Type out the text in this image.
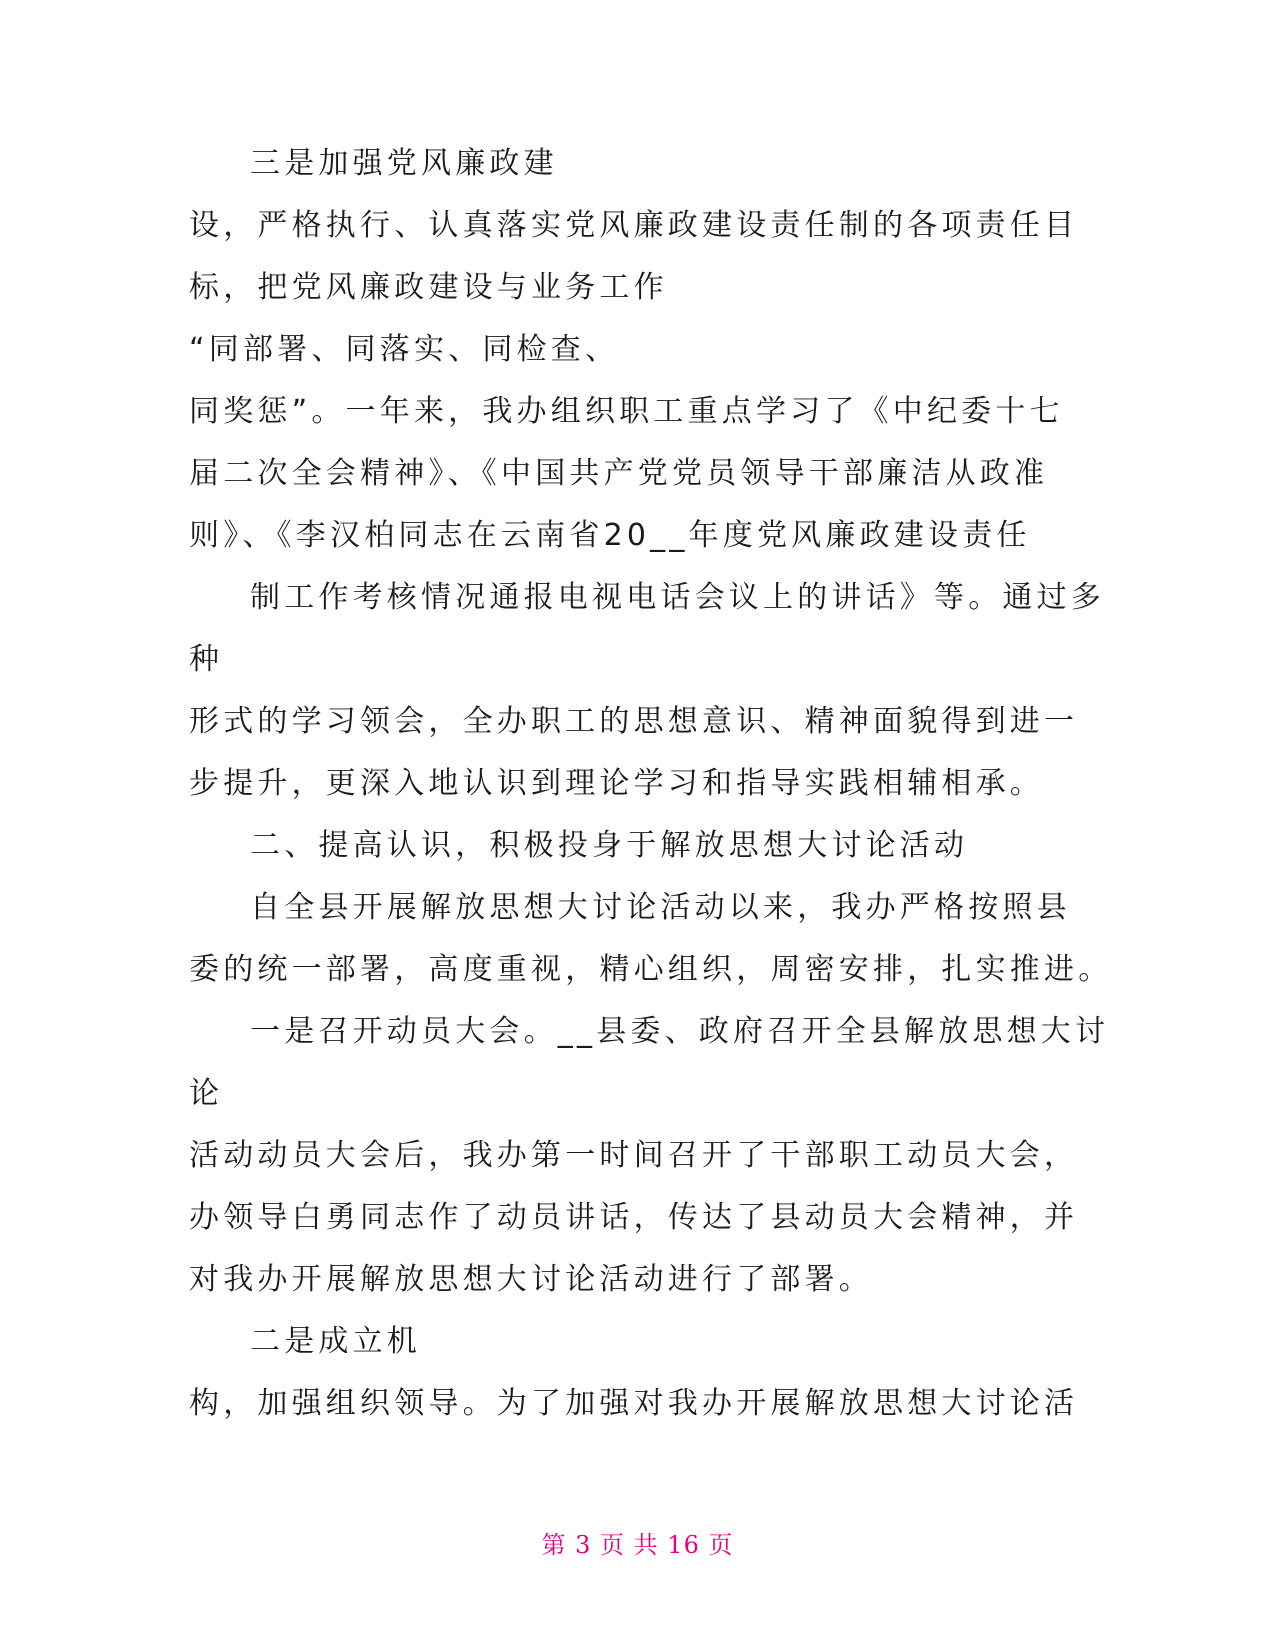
三是加强党风廉政建

设，严格执行、认真落实党风廉政建设责任制的各项责任目

标，把党风廉政建设与业务工作

“同部署、同落实、同检查、

同奖惩”。一年来，我办组织职工重点学习了《中纪委十七

届二次全会精神》、《中国共产党党员领导干部廉洁从政准

则》、《李汉柏同志在云南省20__年度党风廉政建设责任

制工作考核情况通报电视电话会议上的讲话》等。通过多

种

形式的学习领会，全办职工的思想意识、精神面貌得到进一

步提升，更深入地认识到理论学习和指导实践相辅相承。

二、提高认识，积极投身于解放思想大讨论活动

自全县开展解放思想大讨论活动以来，我办严格按照县

委的统一部署，高度重视，精心组织，周密安排，扎实推进。

一是召开动员大会。__县委、政府召开全县解放思想大讨

论

活动动员大会后，我办第一时间召开了干部职工动员大会，

办领导白勇同志作了动员讲话，传达了县动员大会精神，并

对我办开展解放思想大讨论活动进行了部署。

二是成立机

构，加强组织领导。为了加强对我办开展解放思想大讨论活

第 3 页 共 16 页
